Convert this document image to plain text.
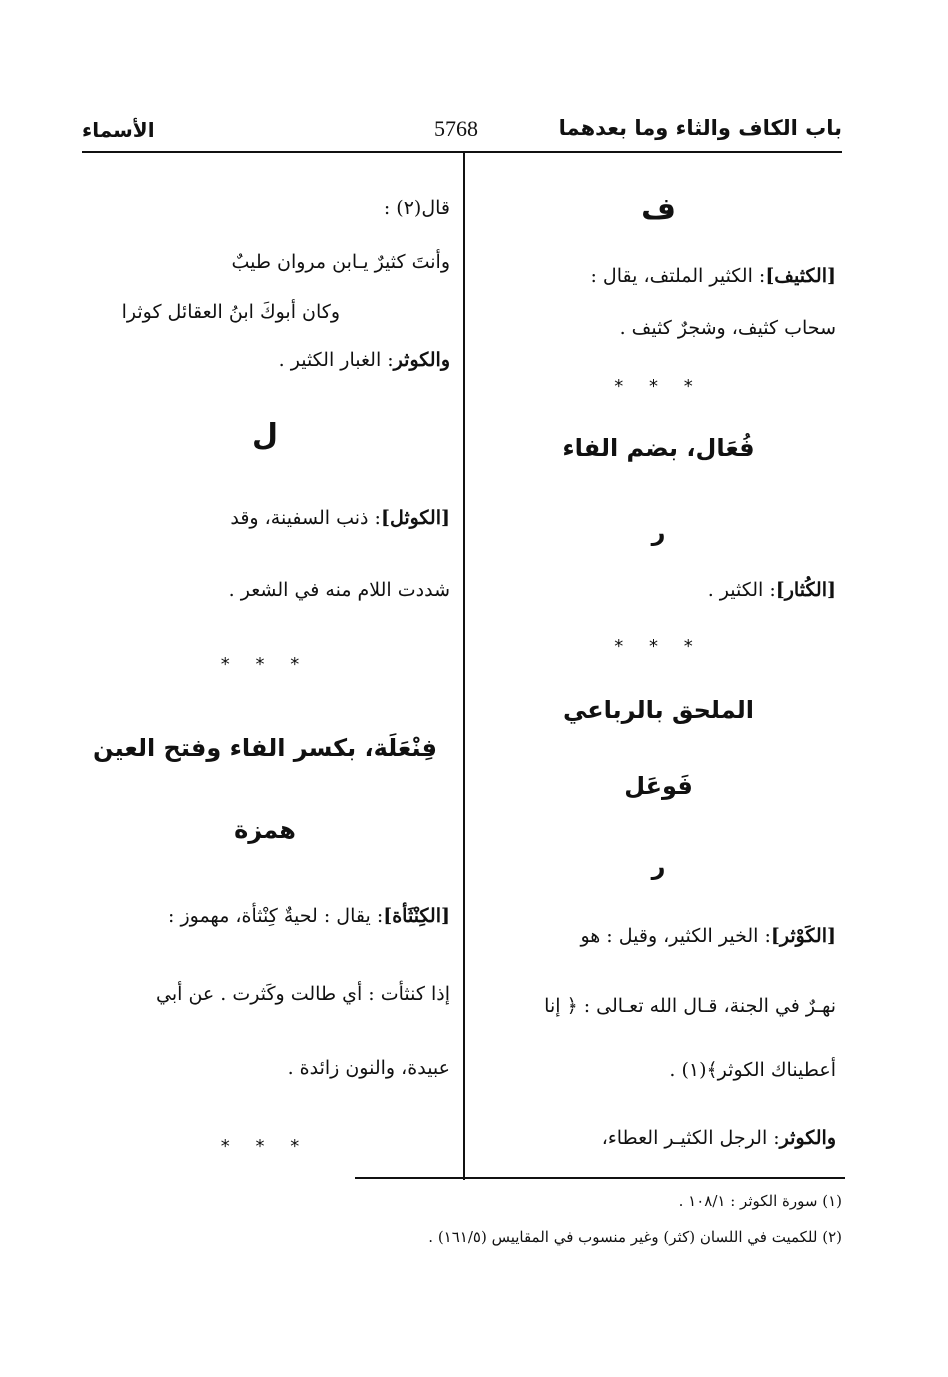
باب الكاف والثاء وما بعدهما
5768
الأسماء
ف
[الكثيف]: الكثير الملتف، يقال :
سحاب كثيف، وشجرٌ كثيف .
* * *
فُعَال، بضم الفاء
ر
[الكُثار]: الكثير .
* * *
الملحق بالرباعي
فَوعَل
ر
[الكَوْثر]: الخير الكثير، وقيل : هو
نهـرٌ في الجنة، قـال الله تعـالى : ﴿ إنا
أعطيناك الكوثر﴾(١) .
والكوثر: الرجل الكثيـر العطاء،
قال(٢) :
وأنتَ كثيرٌ يـابن مروان طيبٌ
وكان أبوكَ ابنُ العقائل كوثرا
والكوثر: الغبار الكثير .
ل
[الكوثل]: ذنب السفينة، وقد
شددت اللام منه في الشعر .
* * *
فِنْعَلَة، بكسر الفاء وفتح العين
همزة
[الكِنْثَأة]: يقال : لحيةٌ كِنْثأة، مهموز :
إذا كنثأت : أي طالت وكَثرت . عن أبي
عبيدة، والنون زائدة .
* * *
(١) سورة الكوثر : ١٠٨/١ .
(٢) للكميت في اللسان (كثر) وغير منسوب في المقاييس (١٦١/٥) .
